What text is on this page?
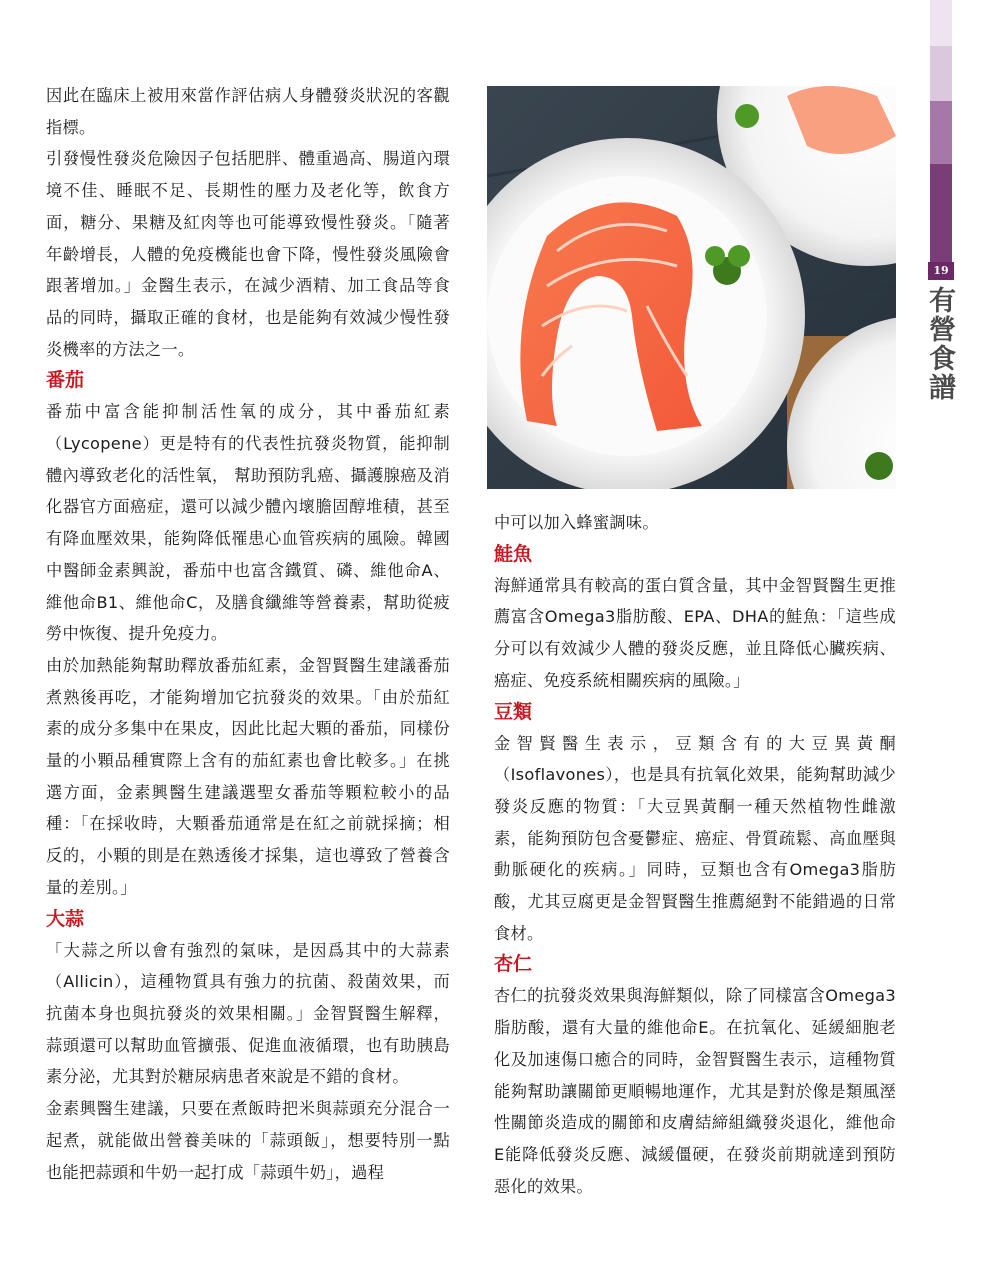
因此在臨床上被用來當作評估病人身體發炎狀況的客觀指標。

引發慢性發炎危險因子包括肥胖、體重過高、腸道內環境不佳、睡眠不足、長期性的壓力及老化等，飲食方面，糖分、果糖及紅肉等也可能導致慢性發炎。「隨著年齡增長，人體的免疫機能也會下降，慢性發炎風險會跟著增加。」金醫生表示，在減少酒精、加工食品等食品的同時，攝取正確的食材，也是能夠有效減少慢性發炎機率的方法之一。

番茄

番茄中富含能抑制活性氧的成分，其中番茄紅素（Lycopene）更是特有的代表性抗發炎物質，能抑制體內導致老化的活性氧， 幫助預防乳癌、攝護腺癌及消化器官方面癌症，還可以減少體內壞膽固醇堆積，甚至有降血壓效果，能夠降低罹患心血管疾病的風險。韓國中醫師金素興說，番茄中也富含鐵質、磷、維他命A、維他命B1、維他命C，及膳食纖維等營養素，幫助從疲勞中恢復、提升免疫力。

由於加熱能夠幫助釋放番茄紅素，金智賢醫生建議番茄煮熟後再吃，才能夠增加它抗發炎的效果。「由於茄紅素的成分多集中在果皮，因此比起大顆的番茄，同樣份量的小顆品種實際上含有的茄紅素也會比較多。」在挑選方面，金素興醫生建議選聖女番茄等顆粒較小的品種：「在採收時，大顆番茄通常是在紅之前就採摘；相反的，小顆的則是在熟透後才採集，這也導致了營養含量的差別。」

大蒜

「大蒜之所以會有強烈的氣味，是因爲其中的大蒜素（Allicin），這種物質具有強力的抗菌、殺菌效果，而抗菌本身也與抗發炎的效果相關。」金智賢醫生解釋，蒜頭還可以幫助血管擴張、促進血液循環，也有助胰島素分泌，尤其對於糖尿病患者來說是不錯的食材。

金素興醫生建議，只要在煮飯時把米與蒜頭充分混合一起煮，就能做出營養美味的「蒜頭飯」，想要特別一點也能把蒜頭和牛奶一起打成「蒜頭牛奶」，過程

中可以加入蜂蜜調味。

鮭魚

海鮮通常具有較高的蛋白質含量，其中金智賢醫生更推薦富含Omega3脂肪酸、EPA、DHA的鮭魚：「這些成分可以有效減少人體的發炎反應，並且降低心臟疾病、癌症、免疫系統相關疾病的風險。」

豆類

金智賢醫生表示，豆類含有的大豆異黃酮（Isoflavones），也是具有抗氧化效果，能夠幫助減少發炎反應的物質：「大豆異黃酮一種天然植物性雌激素，能夠預防包含憂鬱症、癌症、骨質疏鬆、高血壓與動脈硬化的疾病。」同時，豆類也含有Omega3脂肪酸，尤其豆腐更是金智賢醫生推薦絕對不能錯過的日常食材。

杏仁

杏仁的抗發炎效果與海鮮類似，除了同樣富含Omega3脂肪酸，還有大量的維他命E。在抗氧化、延緩細胞老化及加速傷口癒合的同時，金智賢醫生表示，這種物質能夠幫助讓關節更順暢地運作，尤其是對於像是類風溼性關節炎造成的關節和皮膚結締組織發炎退化，維他命E能降低發炎反應、減緩僵硬，在發炎前期就達到預防惡化的效果。

19
有營食譜
